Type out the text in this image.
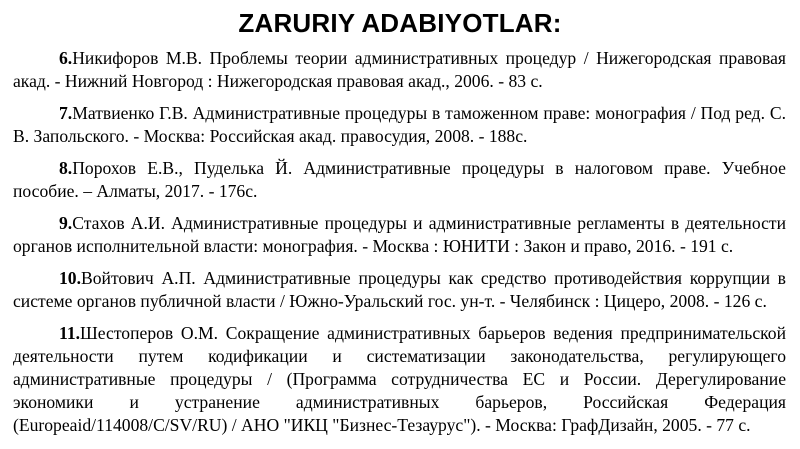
ZARURIY ADABIYOTLAR:

6.Никифоров М.В. Проблемы теории административных процедур / Нижегородская правовая акад. - Нижний Новгород : Нижегородская правовая акад., 2006. - 83 с.

7.Матвиенко Г.В. Административные процедуры в таможенном праве: монография / Под ред. С. В. Запольского. - Москва: Российская акад. правосудия, 2008. - 188с.

8.Порохов Е.В., Пуделька Й. Административные процедуры в налоговом праве. Учебное пособие. – Алматы, 2017. - 176с.

9.Стахов А.И. Административные процедуры и административные регламенты в деятельности органов исполнительной власти: монография. - Москва : ЮНИТИ : Закон и право, 2016. - 191 с.

10.Войтович А.П. Административные процедуры как средство противодействия коррупции в системе органов публичной власти / Южно-Уральский гос. ун-т. - Челябинск : Цицеро, 2008. - 126 с.

11.Шестоперов О.М. Сокращение административных барьеров ведения предпринимательской деятельности путем кодификации и систематизации законодательства, регулирующего административные процедуры / (Программа сотрудничества ЕС и России. Дерегулирование экономики и устранение административных барьеров, Российская Федерация (Europeaid/114008/C/SV/RU) / АНО "ИКЦ "Бизнес-Тезаурус"). - Москва: ГрафДизайн, 2005. - 77 с.
